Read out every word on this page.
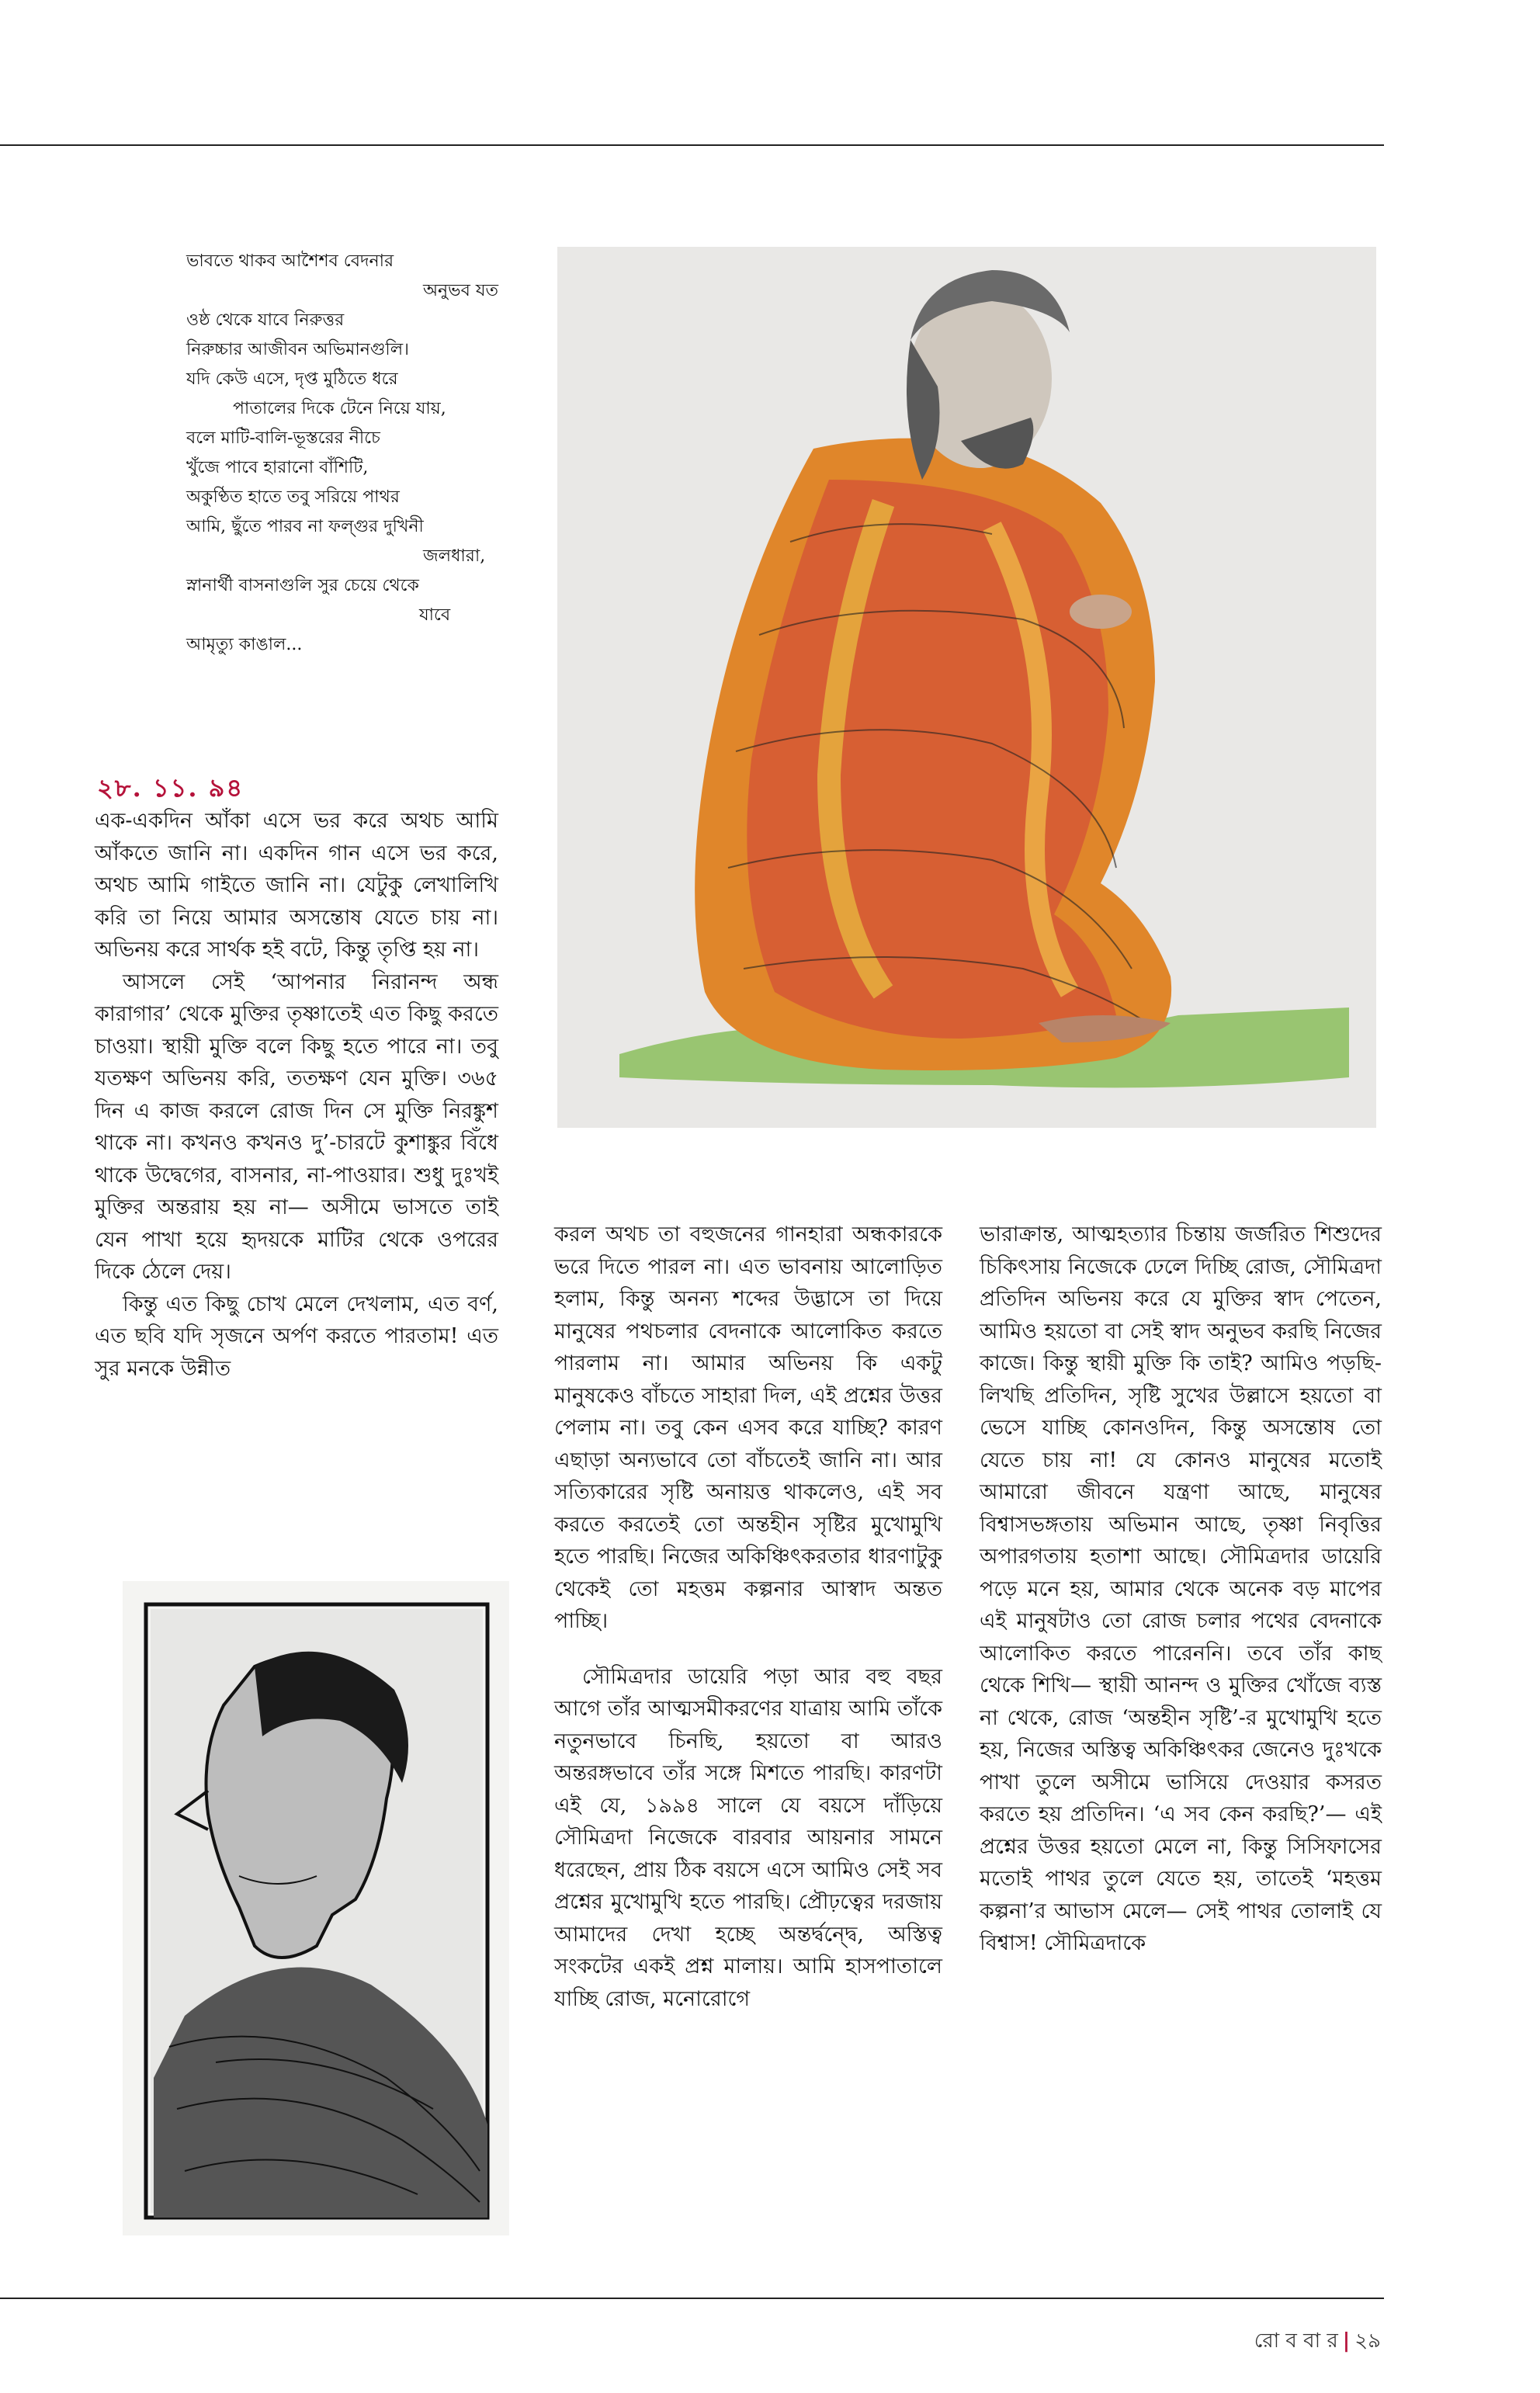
ভাবতে থাকব আশৈশব বেদনার

অনুভব যত

ওষ্ঠ থেকে যাবে নিরুত্তর

নিরুচ্চার আজীবন অভিমানগুলি।

যদি কেউ এসে, দৃপ্ত মুঠিতে ধরে

পাতালের দিকে টেনে নিয়ে যায়,

বলে মাটি-বালি-ভূস্তরের নীচে

খুঁজে পাবে হারানো বাঁশিটি,

অকুণ্ঠিত হাতে তবু সরিয়ে পাথর

আমি, ছুঁতে পারব না ফল্গুর দুখিনী

জলধারা,

স্নানার্থী বাসনাগুলি সুর চেয়ে থেকে

যাবে

আমৃত্যু কাঙাল...

২৮. ১১. ৯৪

এক-একদিন আঁকা এসে ভর করে অথচ আমি আঁকতে জানি না। একদিন গান এসে ভর করে, অথচ আমি গাইতে জানি না। যেটুকু লেখালিখি করি তা নিয়ে আমার অসন্তোষ যেতে চায় না। অভিনয় করে সার্থক হই বটে, কিন্তু তৃপ্তি হয় না।

আসলে সেই ‘আপনার নিরানন্দ অন্ধ কারাগার’ থেকে মুক্তির তৃষ্ণাতেই এত কিছু করতে চাওয়া। স্থায়ী মুক্তি বলে কিছু হতে পারে না। তবু যতক্ষণ অভিনয় করি, ততক্ষণ যেন মুক্তি। ৩৬৫ দিন এ কাজ করলে রোজ দিন সে মুক্তি নিরঙ্কুশ থাকে না। কখনও কখনও দু’-চারটে কুশাঙ্কুর বিঁধে থাকে উদ্বেগের, বাসনার, না-পাওয়ার। শুধু দুঃখই মুক্তির অন্তরায় হয় না— অসীমে ভাসতে তাই যেন পাখা হয়ে হৃদয়কে মাটির থেকে ওপরের দিকে ঠেলে দেয়।

কিন্তু এত কিছু চোখ মেলে দেখলাম, এত বর্ণ, এত ছবি যদি সৃজনে অর্পণ করতে পারতাম! এত সুর মনকে উন্নীত

করল অথচ তা বহুজনের গানহারা অন্ধকারকে ভরে দিতে পারল না। এত ভাবনায় আলোড়িত হলাম, কিন্তু অনন্য শব্দের উদ্ভাসে তা দিয়ে মানুষের পথচলার বেদনাকে আলোকিত করতে পারলাম না। আমার অভিনয় কি একটু মানুষকেও বাঁচতে সাহারা দিল, এই প্রশ্নের উত্তর পেলাম না। তবু কেন এসব করে যাচ্ছি? কারণ এছাড়া অন্যভাবে তো বাঁচতেই জানি না। আর সত্যিকারের সৃষ্টি অনায়ত্ত থাকলেও, এই সব করতে করতেই তো অন্তহীন সৃষ্টির মুখোমুখি হতে পারছি। নিজের অকিঞ্চিৎকরতার ধারণাটুকু থেকেই তো মহত্তম কল্পনার আস্বাদ অন্তত পাচ্ছি।

সৌমিত্রদার ডায়েরি পড়া আর বহু বছর আগে তাঁর আত্মসমীকরণের যাত্রায় আমি তাঁকে নতুনভাবে চিনছি, হয়তো বা আরও অন্তরঙ্গভাবে তাঁর সঙ্গে মিশতে পারছি। কারণটা এই যে, ১৯৯৪ সালে যে বয়সে দাঁড়িয়ে সৌমিত্রদা নিজেকে বারবার আয়নার সামনে ধরেছেন, প্রায় ঠিক বয়সে এসে আমিও সেই সব প্রশ্নের মুখোমুখি হতে পারছি। প্রৌঢ়ত্বের দরজায় আমাদের দেখা হচ্ছে অন্তর্দ্বন্দ্বে, অস্তিত্ব সংকটের একই প্রশ্ন মালায়। আমি হাসপাতালে যাচ্ছি রোজ, মনোরোগে

ভারাক্রান্ত, আত্মহত্যার চিন্তায় জর্জরিত শিশুদের চিকিৎসায় নিজেকে ঢেলে দিচ্ছি রোজ, সৌমিত্রদা প্রতিদিন অভিনয় করে যে মুক্তির স্বাদ পেতেন, আমিও হয়তো বা সেই স্বাদ অনুভব করছি নিজের কাজে। কিন্তু স্থায়ী মুক্তি কি তাই? আমিও পড়ছি-লিখছি প্রতিদিন, সৃষ্টি সুখের উল্লাসে হয়তো বা ভেসে যাচ্ছি কোনওদিন, কিন্তু অসন্তোষ তো যেতে চায় না! যে কোনও মানুষের মতোই আমারো জীবনে যন্ত্রণা আছে, মানুষের বিশ্বাসভঙ্গতায় অভিমান আছে, তৃষ্ণা নিবৃত্তির অপারগতায় হতাশা আছে। সৌমিত্রদার ডায়েরি পড়ে মনে হয়, আমার থেকে অনেক বড় মাপের এই মানুষটাও তো রোজ চলার পথের বেদনাকে আলোকিত করতে পারেননি। তবে তাঁর কাছ থেকে শিখি— স্থায়ী আনন্দ ও মুক্তির খোঁজে ব্যস্ত না থেকে, রোজ ‘অন্তহীন সৃষ্টি’-র মুখোমুখি হতে হয়, নিজের অস্তিত্ব অকিঞ্চিৎকর জেনেও দুঃখকে পাখা তুলে অসীমে ভাসিয়ে দেওয়ার কসরত করতে হয় প্রতিদিন। ‘এ সব কেন করছি?’— এই প্রশ্নের উত্তর হয়তো মেলে না, কিন্তু সিসিফাসের মতোই পাথর তুলে যেতে হয়, তাতেই ‘মহত্তম কল্পনা’র আভাস মেলে— সেই পাথর তোলাই যে বিশ্বাস! সৌমিত্রদাকে

রো ব বা র | ২৯
